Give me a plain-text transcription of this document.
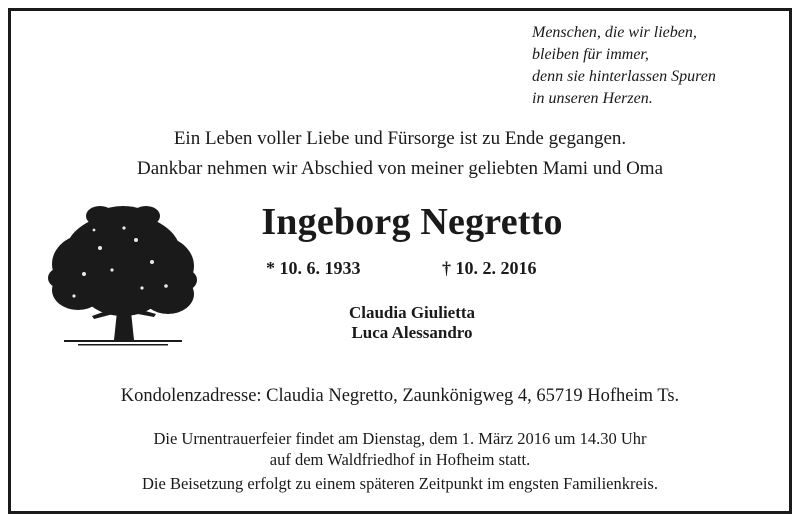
Menschen, die wir lieben,
bleiben für immer,
denn sie hinterlassen Spuren
in unseren Herzen.
Ein Leben voller Liebe und Fürsorge ist zu Ende gegangen.
Dankbar nehmen wir Abschied von meiner geliebten Mami und Oma
Ingeborg Negretto
* 10. 6. 1933	† 10. 2. 2016
Claudia Giulietta
Luca Alessandro
Kondolenzadresse: Claudia Negretto, Zaunkönigweg 4, 65719 Hofheim Ts.
Die Urnentrauerfeier findet am Dienstag, dem 1. März 2016 um 14.30 Uhr
auf dem Waldfriedhof in Hofheim statt.
Die Beisetzung erfolgt zu einem späteren Zeitpunkt im engsten Familienkreis.
